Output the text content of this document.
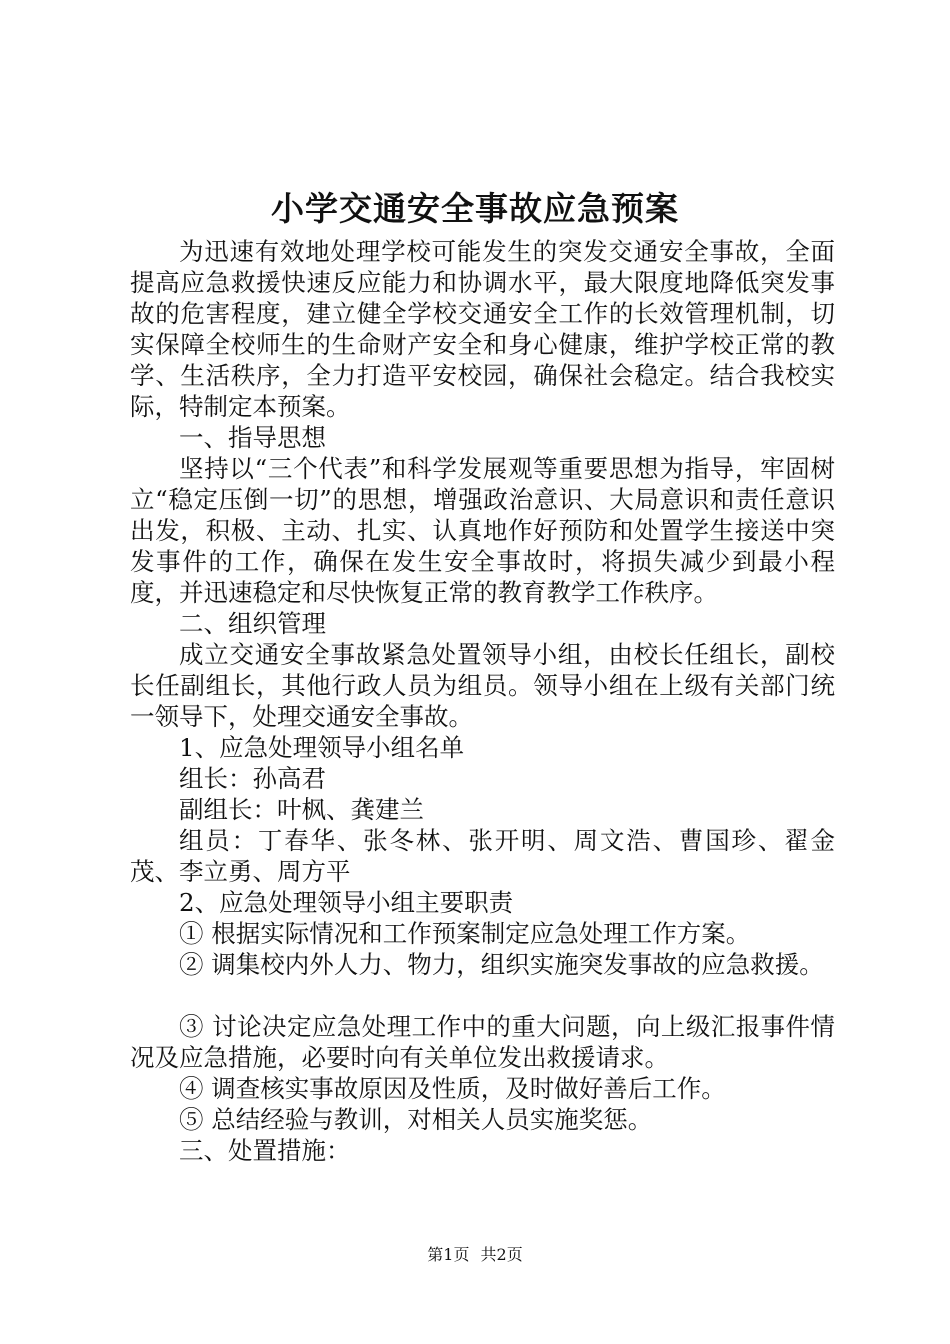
小学交通安全事故应急预案

为迅速有效地处理学校可能发生的突发交通安全事故，全面提高应急救援快速反应能力和协调水平，最大限度地降低突发事故的危害程度，建立健全学校交通安全工作的长效管理机制，切实保障全校师生的生命财产安全和身心健康，维护学校正常的教学、生活秩序，全力打造平安校园，确保社会稳定。结合我校实际，特制定本预案。

一、指导思想

坚持以“三个代表”和科学发展观等重要思想为指导，牢固树立“稳定压倒一切”的思想，增强政治意识、大局意识和责任意识出发，积极、主动、扎实、认真地作好预防和处置学生接送中突发事件的工作，确保在发生安全事故时，将损失减少到最小程度，并迅速稳定和尽快恢复正常的教育教学工作秩序。

二、组织管理

成立交通安全事故紧急处置领导小组，由校长任组长，副校长任副组长，其他行政人员为组员。领导小组在上级有关部门统一领导下，处理交通安全事故。

1、应急处理领导小组名单

组长：孙高君

副组长：叶枫、龚建兰

组员：丁春华、张冬林、张开明、周文浩、曹国珍、翟金茂、李立勇、周方平

2、应急处理领导小组主要职责

① 根据实际情况和工作预案制定应急处理工作方案。

② 调集校内外人力、物力，组织实施突发事故的应急救援。

③ 讨论决定应急处理工作中的重大问题，向上级汇报事件情况及应急措施，必要时向有关单位发出救援请求。

④ 调查核实事故原因及性质，及时做好善后工作。

⑤ 总结经验与教训，对相关人员实施奖惩。

三、处置措施：

第1页 共2页
